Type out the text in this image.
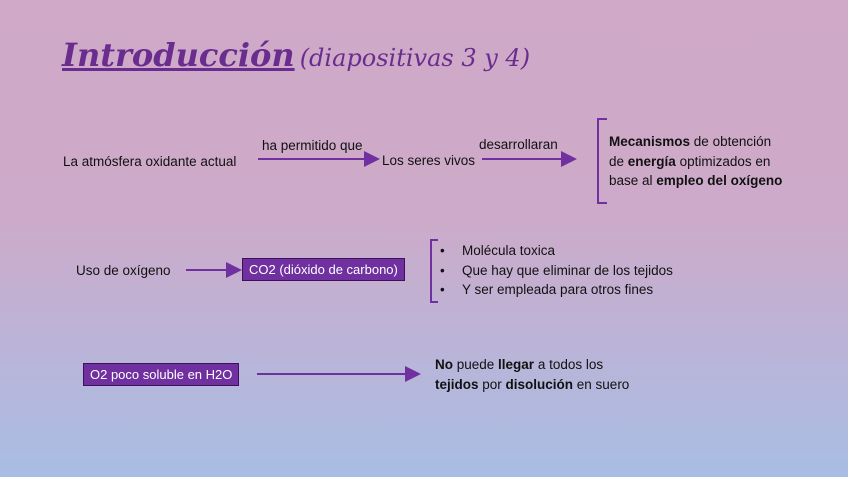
Introducción (diapositivas 3 y 4)
La atmósfera oxidante actual
ha permitido que
Los seres vivos
desarrollaran	Mecanismos de obtención
de energía optimizados en
base al empleo del oxígeno
Uso de oxígeno	CO2 (dióxido de carbono)
• Molécula toxica
• Que hay que eliminar de los tejidos
• Y ser empleada para otros fines
O2 poco soluble en H2O
No puede llegar a todos los
tejidos por disolución en suero
